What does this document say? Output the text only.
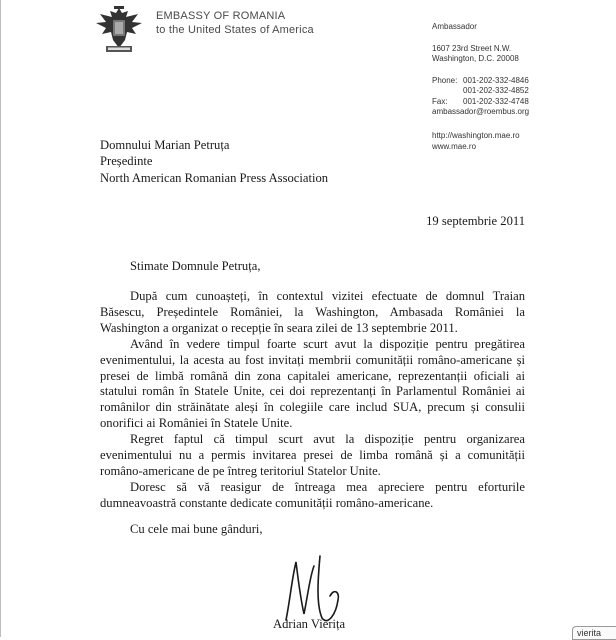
EMBASSY OF ROMANIA
to the United States of America	Ambassador
1607 23rd Street N.W.
Washington, D.C. 20008
Phone: 001-202-332-4846
001-202-332-4852
Fax: 001-202-332-4748
ambassador@roembus.org
http://washington.mae.ro
www.mae.ro
Domnului Marian Petruța
Președinte
North American Romanian Press Association
19 septembrie 2011
Stimate Domnule Petruța,

După cum cunoașteți, în contextul vizitei efectuate de domnul Traian Băsescu, Președintele României, la Washington, Ambasada României la Washington a organizat o recepție în seara zilei de 13 septembrie 2011.

Având în vedere timpul foarte scurt avut la dispoziție pentru pregătirea evenimentului, la acesta au fost invitați membrii comunității româno-americane și presei de limbă română din zona capitalei americane, reprezentanții oficiali ai statului român în Statele Unite, cei doi reprezentanți în Parlamentul României ai românilor din străinătate aleși în colegiile care includ SUA, precum și consulii onorifici ai României în Statele Unite.

Regret faptul că timpul scurt avut la dispoziție pentru organizarea evenimentului nu a permis invitarea presei de limba română și a comunității româno-americane de pe întreg teritoriul Statelor Unite.

Doresc să vă reasigur de întreaga mea apreciere pentru eforturile dumneavoastră constante dedicate comunității româno-americane.

Cu cele mai bune gânduri,
Adrian Vierița
vierita
